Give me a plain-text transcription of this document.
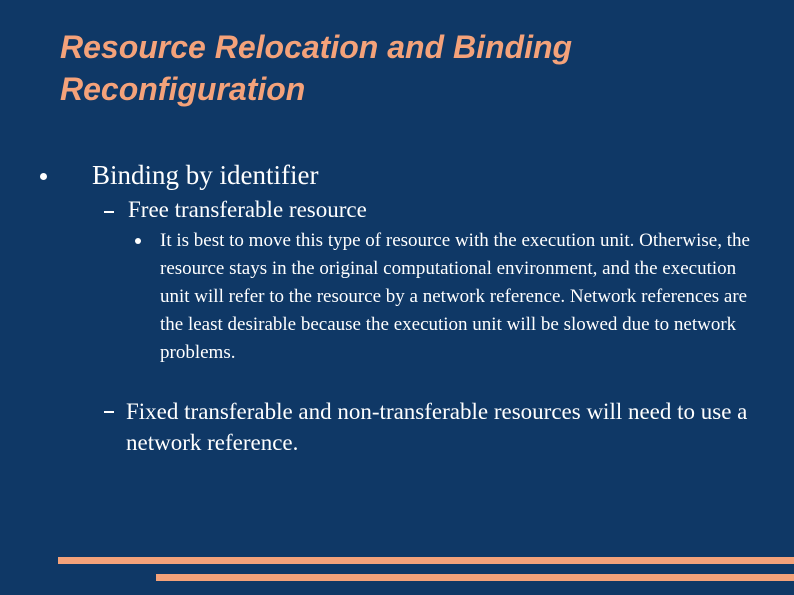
Resource Relocation and Binding
Reconfiguration
Binding by identifier
Free transferable resource
It is best to move this type of resource with the execution unit. Otherwise, the resource stays in the original computational environment, and the execution unit will refer to the resource by a network reference. Network references are the least desirable because the execution unit will be slowed due to network problems.
Fixed transferable and non-transferable resources will need to use a network reference.
